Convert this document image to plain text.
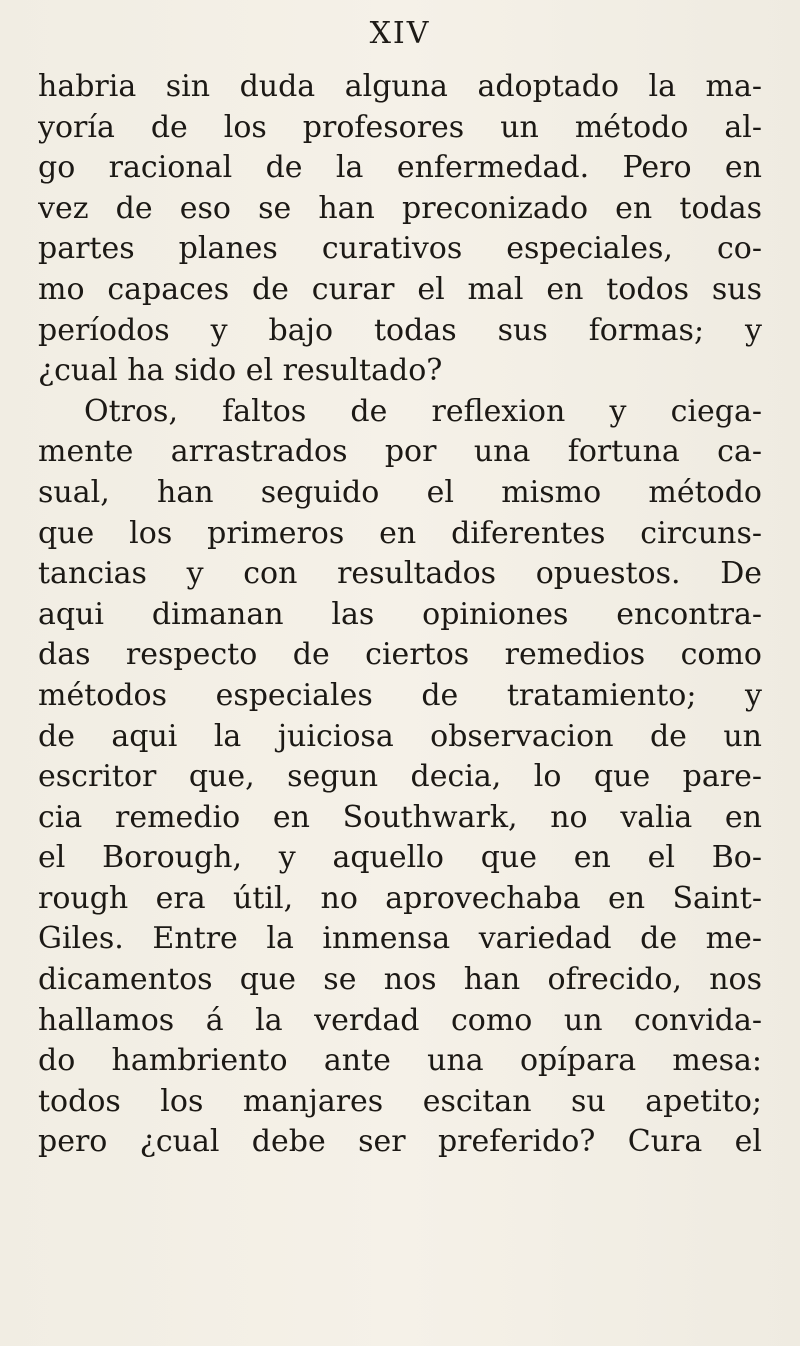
XIV
habria sin duda alguna adoptado la ma-
yoría de los profesores un método al-
go racional de la enfermedad. Pero en
vez de eso se han preconizado en todas
partes planes curativos especiales, co-
mo capaces de curar el mal en todos sus
períodos y bajo todas sus formas; y
¿cual ha sido el resultado?
Otros, faltos de reflexion y ciega-
mente arrastrados por una fortuna ca-
sual, han seguido el mismo método
que los primeros en diferentes circuns-
tancias y con resultados opuestos. De
aqui dimanan las opiniones encontra-
das respecto de ciertos remedios como
métodos especiales de tratamiento; y
de aqui la juiciosa observacion de un
escritor que, segun decia, lo que pare-
cia remedio en Southwark, no valia en
el Borough, y aquello que en el Bo-
rough era útil, no aprovechaba en Saint-
Giles. Entre la inmensa variedad de me-
dicamentos que se nos han ofrecido, nos
hallamos á la verdad como un convida-
do hambriento ante una opípara mesa:
todos los manjares escitan su apetito;
pero ¿cual debe ser preferido? Cura el
